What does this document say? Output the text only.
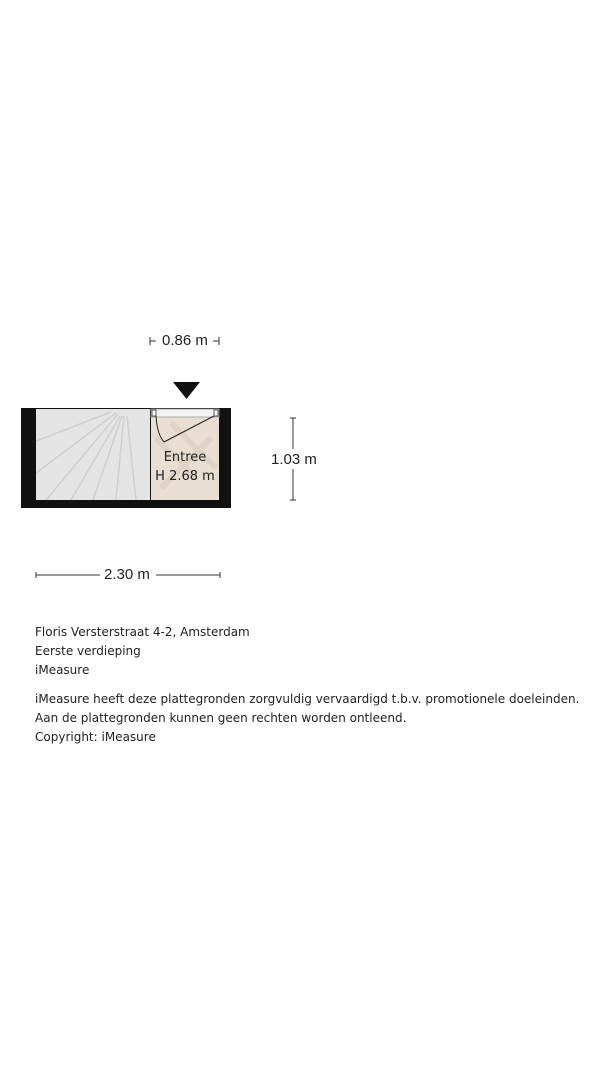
0.86 m
Entree
H 2.68 m
1.03 m
2.30 m
Floris Versterstraat 4-2, Amsterdam
Eerste verdieping
iMeasure
iMeasure heeft deze plattegronden zorgvuldig vervaardigd t.b.v. promotionele doeleinden.
Aan de plattegronden kunnen geen rechten worden ontleend.
Copyright: iMeasure
